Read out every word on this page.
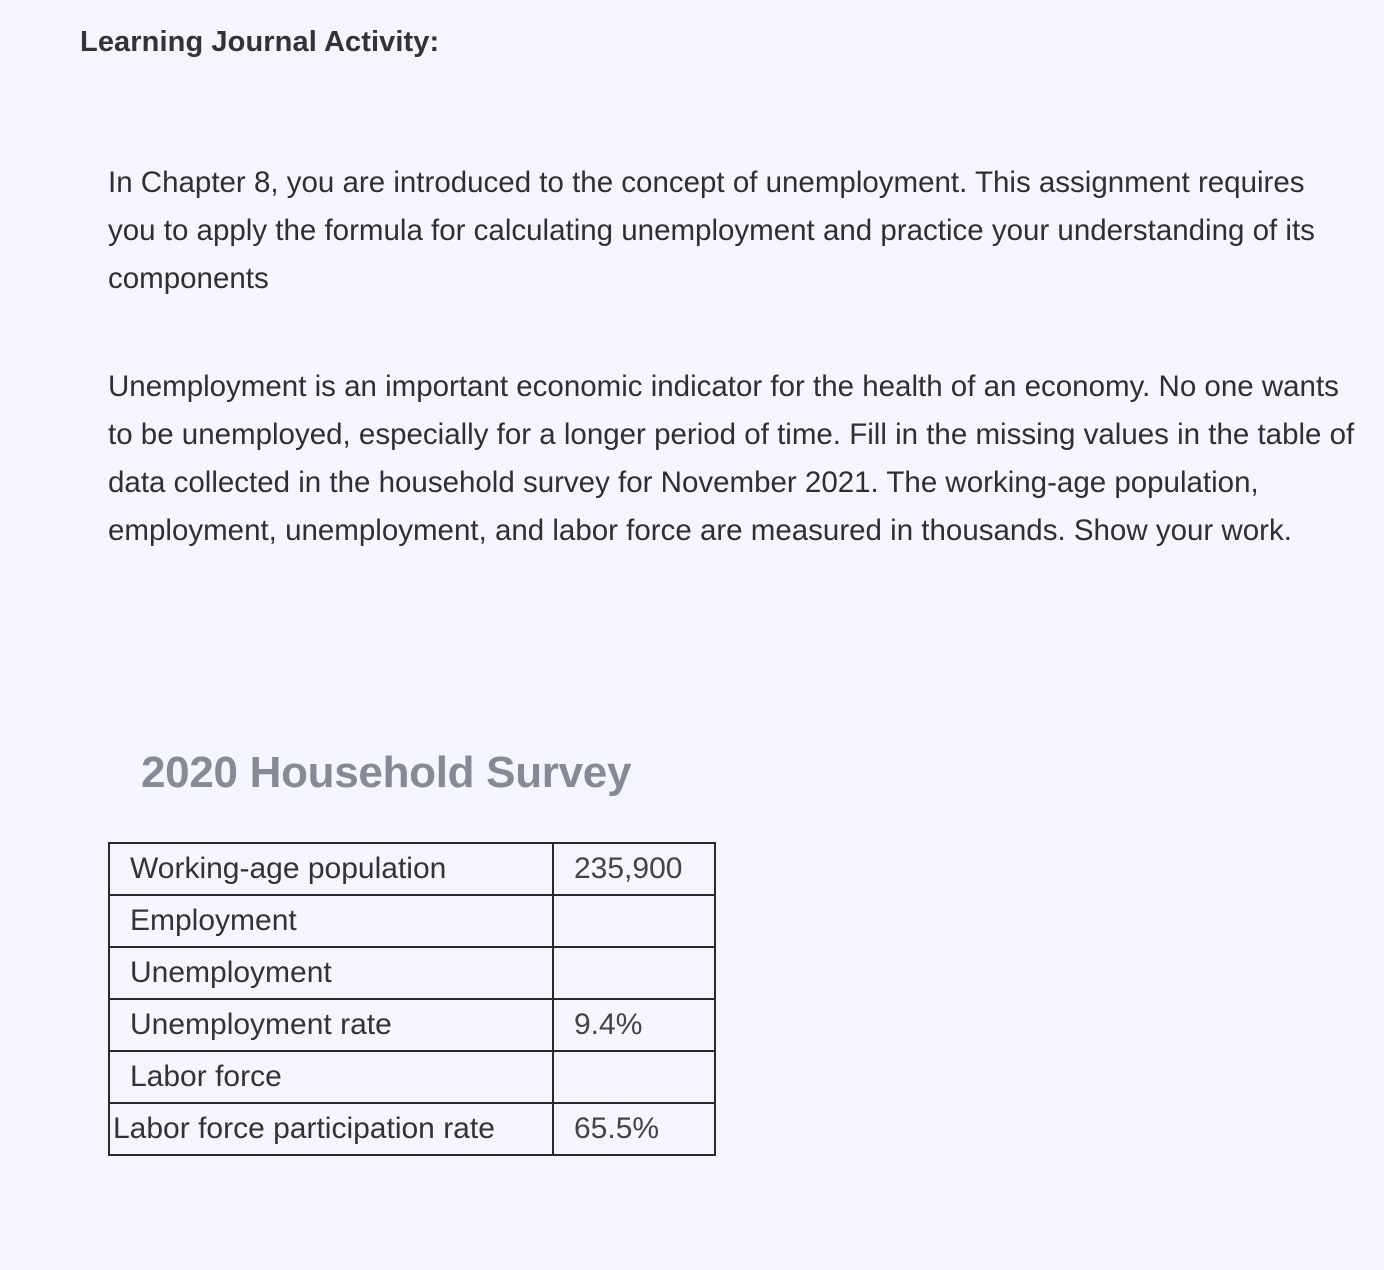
Learning Journal Activity:

In Chapter 8, you are introduced to the concept of unemployment. This assignment requires you to apply the formula for calculating unemployment and practice your understanding of its components

Unemployment is an important economic indicator for the health of an economy. No one wants to be unemployed, especially for a longer period of time. Fill in the missing values in the table of data collected in the household survey for November 2021. The working-age population, employment, unemployment, and labor force are measured in thousands. Show your work.

2020 Household Survey
Working-age population	235,900
Employment	
Unemployment	
Unemployment rate	9.4%
Labor force	
Labor force participation rate	65.5%
